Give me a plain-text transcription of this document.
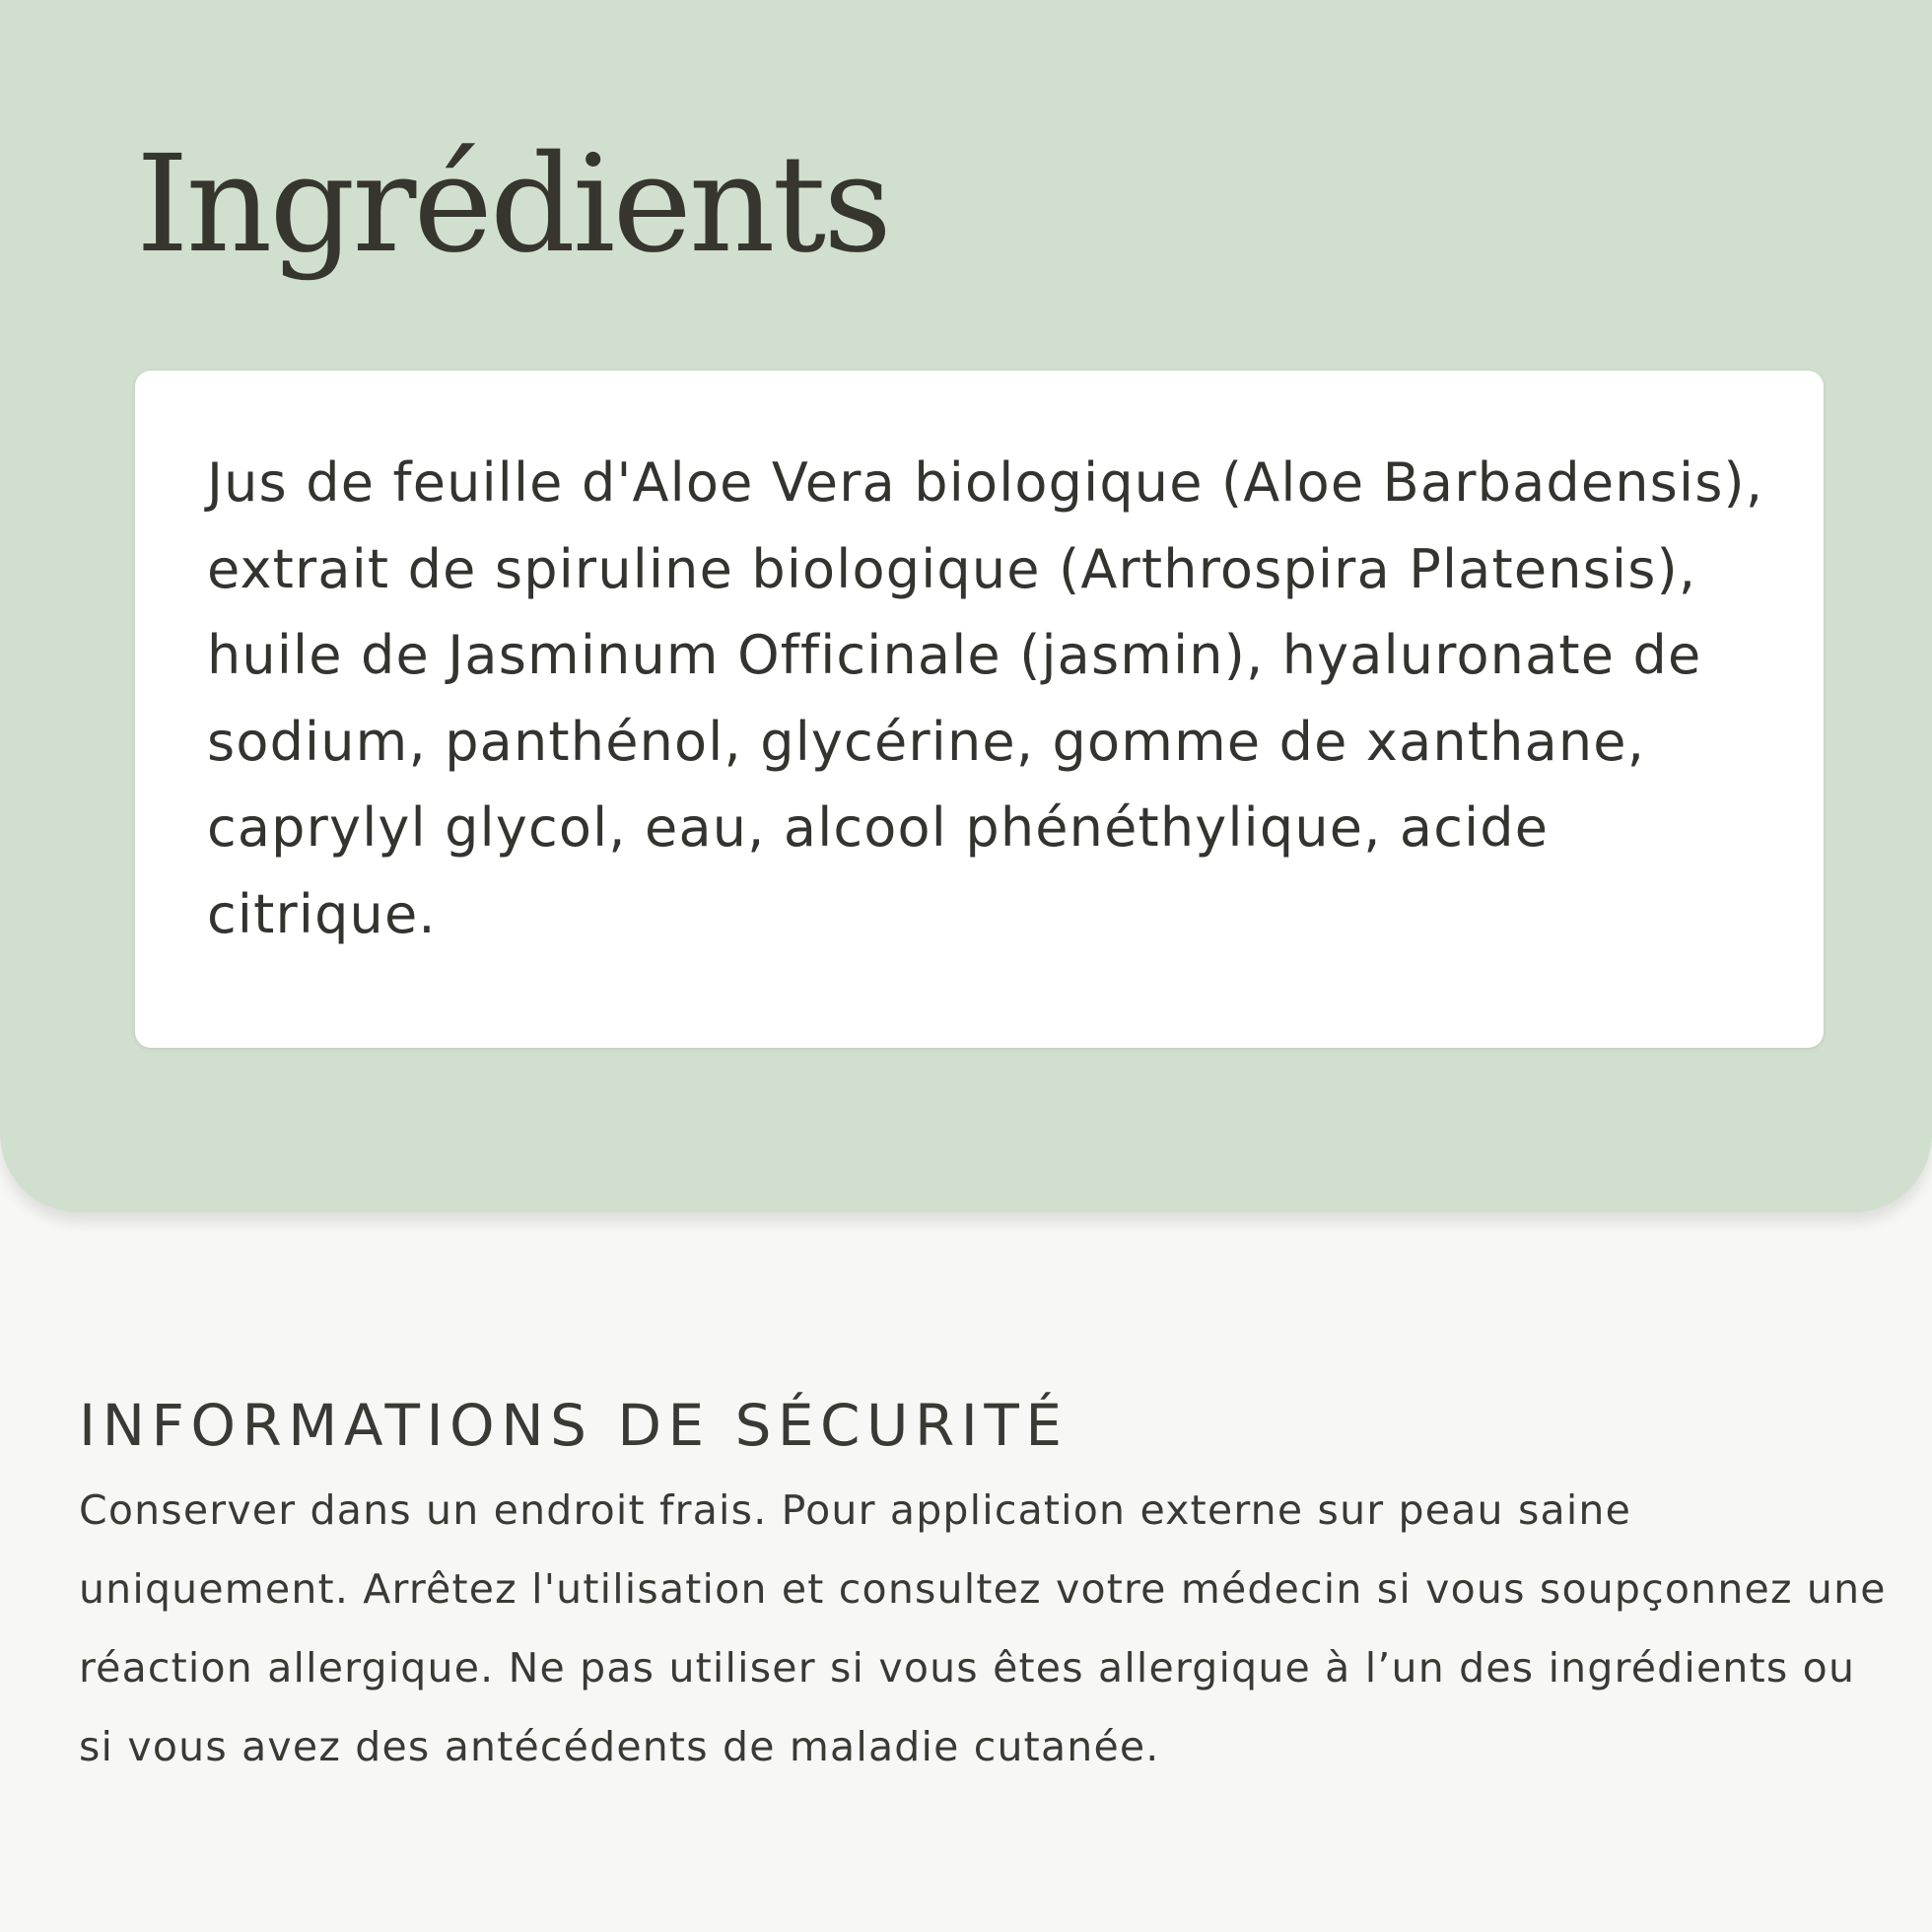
Ingrédients

Jus de feuille d'Aloe Vera biologique (Aloe Barbadensis), extrait de spiruline biologique (Arthrospira Platensis), huile de Jasminum Officinale (jasmin), hyaluronate de sodium, panthénol, glycérine, gomme de xanthane, caprylyl glycol, eau, alcool phénéthylique, acide citrique.

INFORMATIONS DE SÉCURITÉ

Conserver dans un endroit frais. Pour application externe sur peau saine uniquement. Arrêtez l'utilisation et consultez votre médecin si vous soupçonnez une réaction allergique. Ne pas utiliser si vous êtes allergique à l’un des ingrédients ou si vous avez des antécédents de maladie cutanée.
